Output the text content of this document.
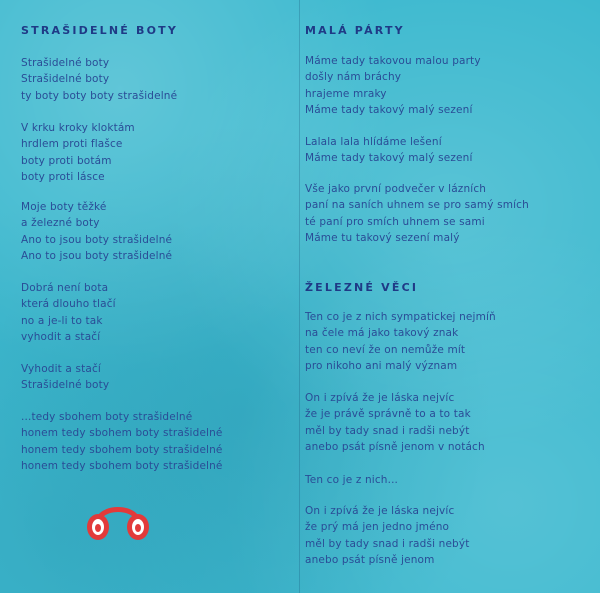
STRAŠIDELNÉ BOTY
Strašidelné boty
Strašidelné boty
ty boty boty boty strašidelné
V krku kroky kloktám
hrdlem proti flašce
boty proti botám
boty proti lásce
Moje boty těžké
a železné boty
Ano to jsou boty strašidelné
Ano to jsou boty strašidelné
Dobrá není bota
která dlouho tlačí
no a je-li to tak
vyhodit a stačí
Vyhodit a stačí
Strašidelné boty
...tedy sbohem boty strašidelné
honem tedy sbohem boty strašidelné
honem tedy sbohem boty strašidelné
honem tedy sbohem boty strašidelné
MALÁ PÁRTY
Máme tady takovou malou party
došly nám bráchy
hrajeme mraky
Máme tady takový malý sezení
Lalala lala hlídáme lešení
Máme tady takový malý sezení
Vše jako první podvečer v lázních
paní na saních uhnem se pro samý smích
té paní pro smích uhnem se sami
Máme tu takový sezení malý
ŽELEZNÉ VĚCI
Ten co je z nich sympatickej nejmíň
na čele má jako takový znak
ten co neví že on nemůže mít
pro nikoho ani malý význam
On i zpívá že je láska nejvíc
že je právě správně to a to tak
měl by tady snad i radši nebýt
anebo psát písně jenom v notách
Ten co je z nich...
On i zpívá že je láska nejvíc
že prý má jen jedno jméno
měl by tady snad i radši nebýt
anebo psát písně jenom
